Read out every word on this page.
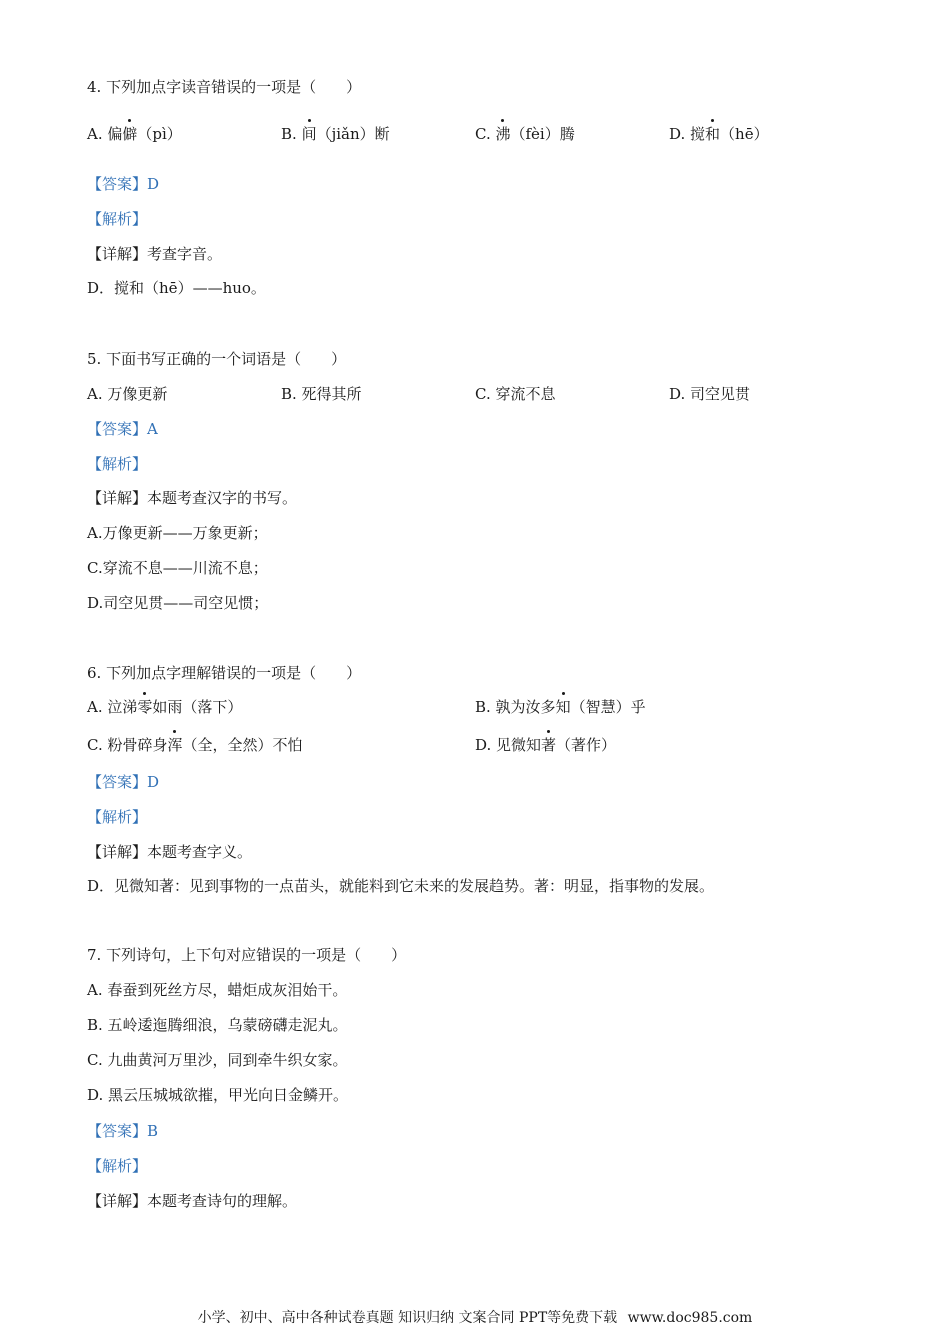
4. 下列加点字读音错误的一项是（　　）
A. 偏僻（pì）	B. 间（jiǎn）断	C. 沸（fèi）腾	D. 搅和（hē）
【答案】D
【解析】
【详解】考查字音。
D．搅和（hē）——huo。
5. 下面书写正确的一个词语是（　　）
A. 万像更新	B. 死得其所	C. 穿流不息	D. 司空见贯
【答案】A
【解析】
【详解】本题考查汉字的书写。
A.万像更新——万象更新；
C.穿流不息——川流不息；
D.司空见贯——司空见惯；
6. 下列加点字理解错误的一项是（　　）
A. 泣涕零如雨（落下）	B. 孰为汝多知（智慧）乎
C. 粉骨碎身浑（全，全然）不怕	D. 见微知著（著作）
【答案】D
【解析】
【详解】本题考查字义。
D．见微知著：见到事物的一点苗头，就能料到它未来的发展趋势。著：明显，指事物的发展。
7. 下列诗句，上下句对应错误的一项是（　　）
A. 春蚕到死丝方尽，蜡炬成灰泪始干。
B. 五岭逶迤腾细浪，乌蒙磅礴走泥丸。
C. 九曲黄河万里沙，同到牵牛织女家。
D. 黑云压城城欲摧，甲光向日金鳞开。
【答案】B
【解析】
【详解】本题考查诗句的理解。
小学、初中、高中各种试卷真题 知识归纳 文案合同 PPT等免费下载 www.doc985.com
